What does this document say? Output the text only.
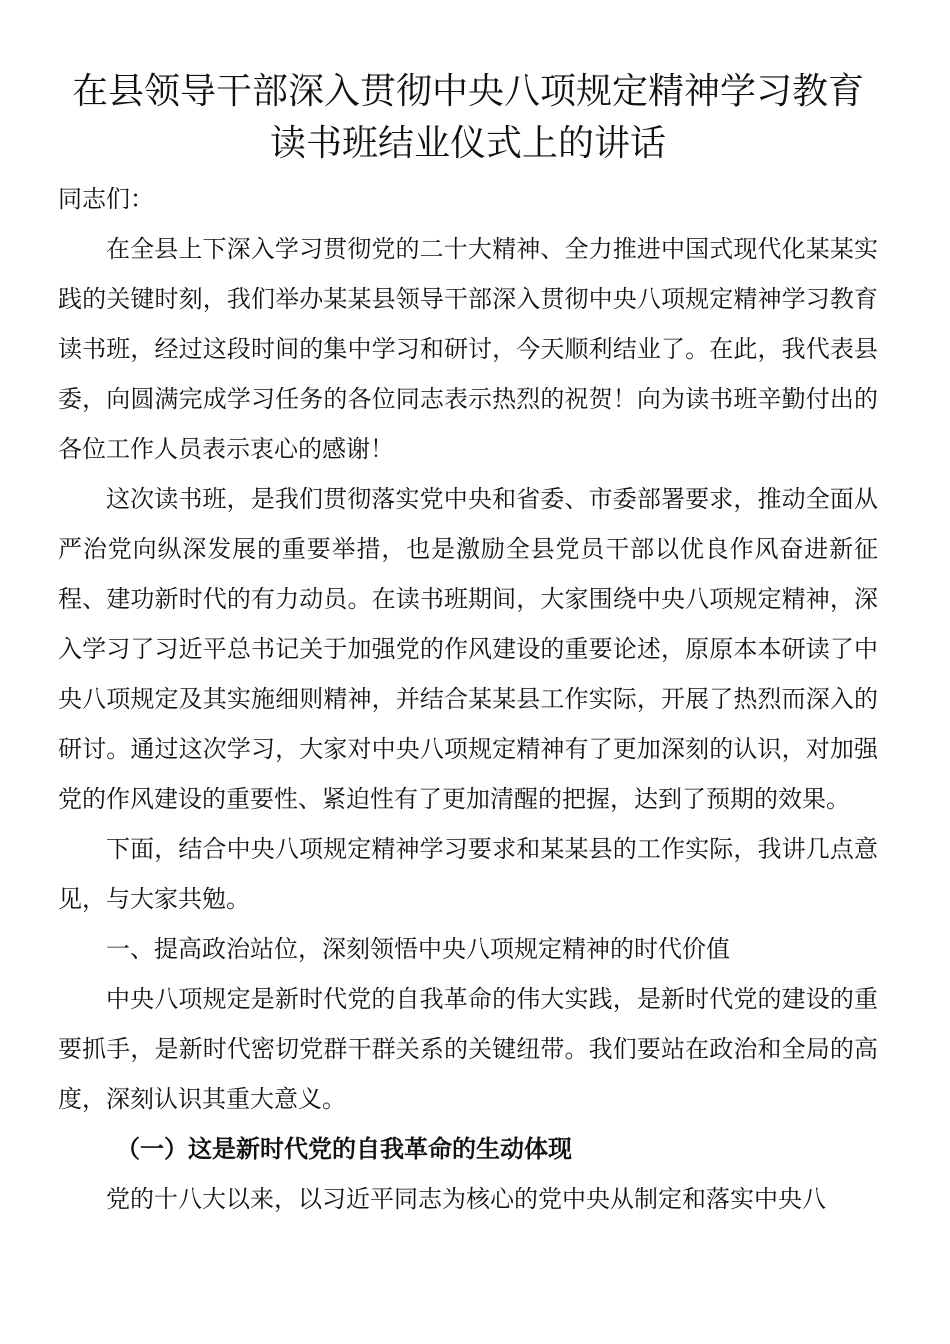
在县领导干部深入贯彻中央八项规定精神学习教育读书班结业仪式上的讲话

同志们：

在全县上下深入学习贯彻党的二十大精神、全力推进中国式现代化某某实践的关键时刻，我们举办某某县领导干部深入贯彻中央八项规定精神学习教育读书班，经过这段时间的集中学习和研讨，今天顺利结业了。在此，我代表县委，向圆满完成学习任务的各位同志表示热烈的祝贺！向为读书班辛勤付出的各位工作人员表示衷心的感谢！

这次读书班，是我们贯彻落实党中央和省委、市委部署要求，推动全面从严治党向纵深发展的重要举措，也是激励全县党员干部以优良作风奋进新征程、建功新时代的有力动员。在读书班期间，大家围绕中央八项规定精神，深入学习了习近平总书记关于加强党的作风建设的重要论述，原原本本研读了中央八项规定及其实施细则精神，并结合某某县工作实际，开展了热烈而深入的研讨。通过这次学习，大家对中央八项规定精神有了更加深刻的认识，对加强党的作风建设的重要性、紧迫性有了更加清醒的把握，达到了预期的效果。

下面，结合中央八项规定精神学习要求和某某县的工作实际，我讲几点意见，与大家共勉。

一、提高政治站位，深刻领悟中央八项规定精神的时代价值

中央八项规定是新时代党的自我革命的伟大实践，是新时代党的建设的重要抓手，是新时代密切党群干群关系的关键纽带。我们要站在政治和全局的高度，深刻认识其重大意义。

（一）这是新时代党的自我革命的生动体现

党的十八大以来，以习近平同志为核心的党中央从制定和落实中央八
